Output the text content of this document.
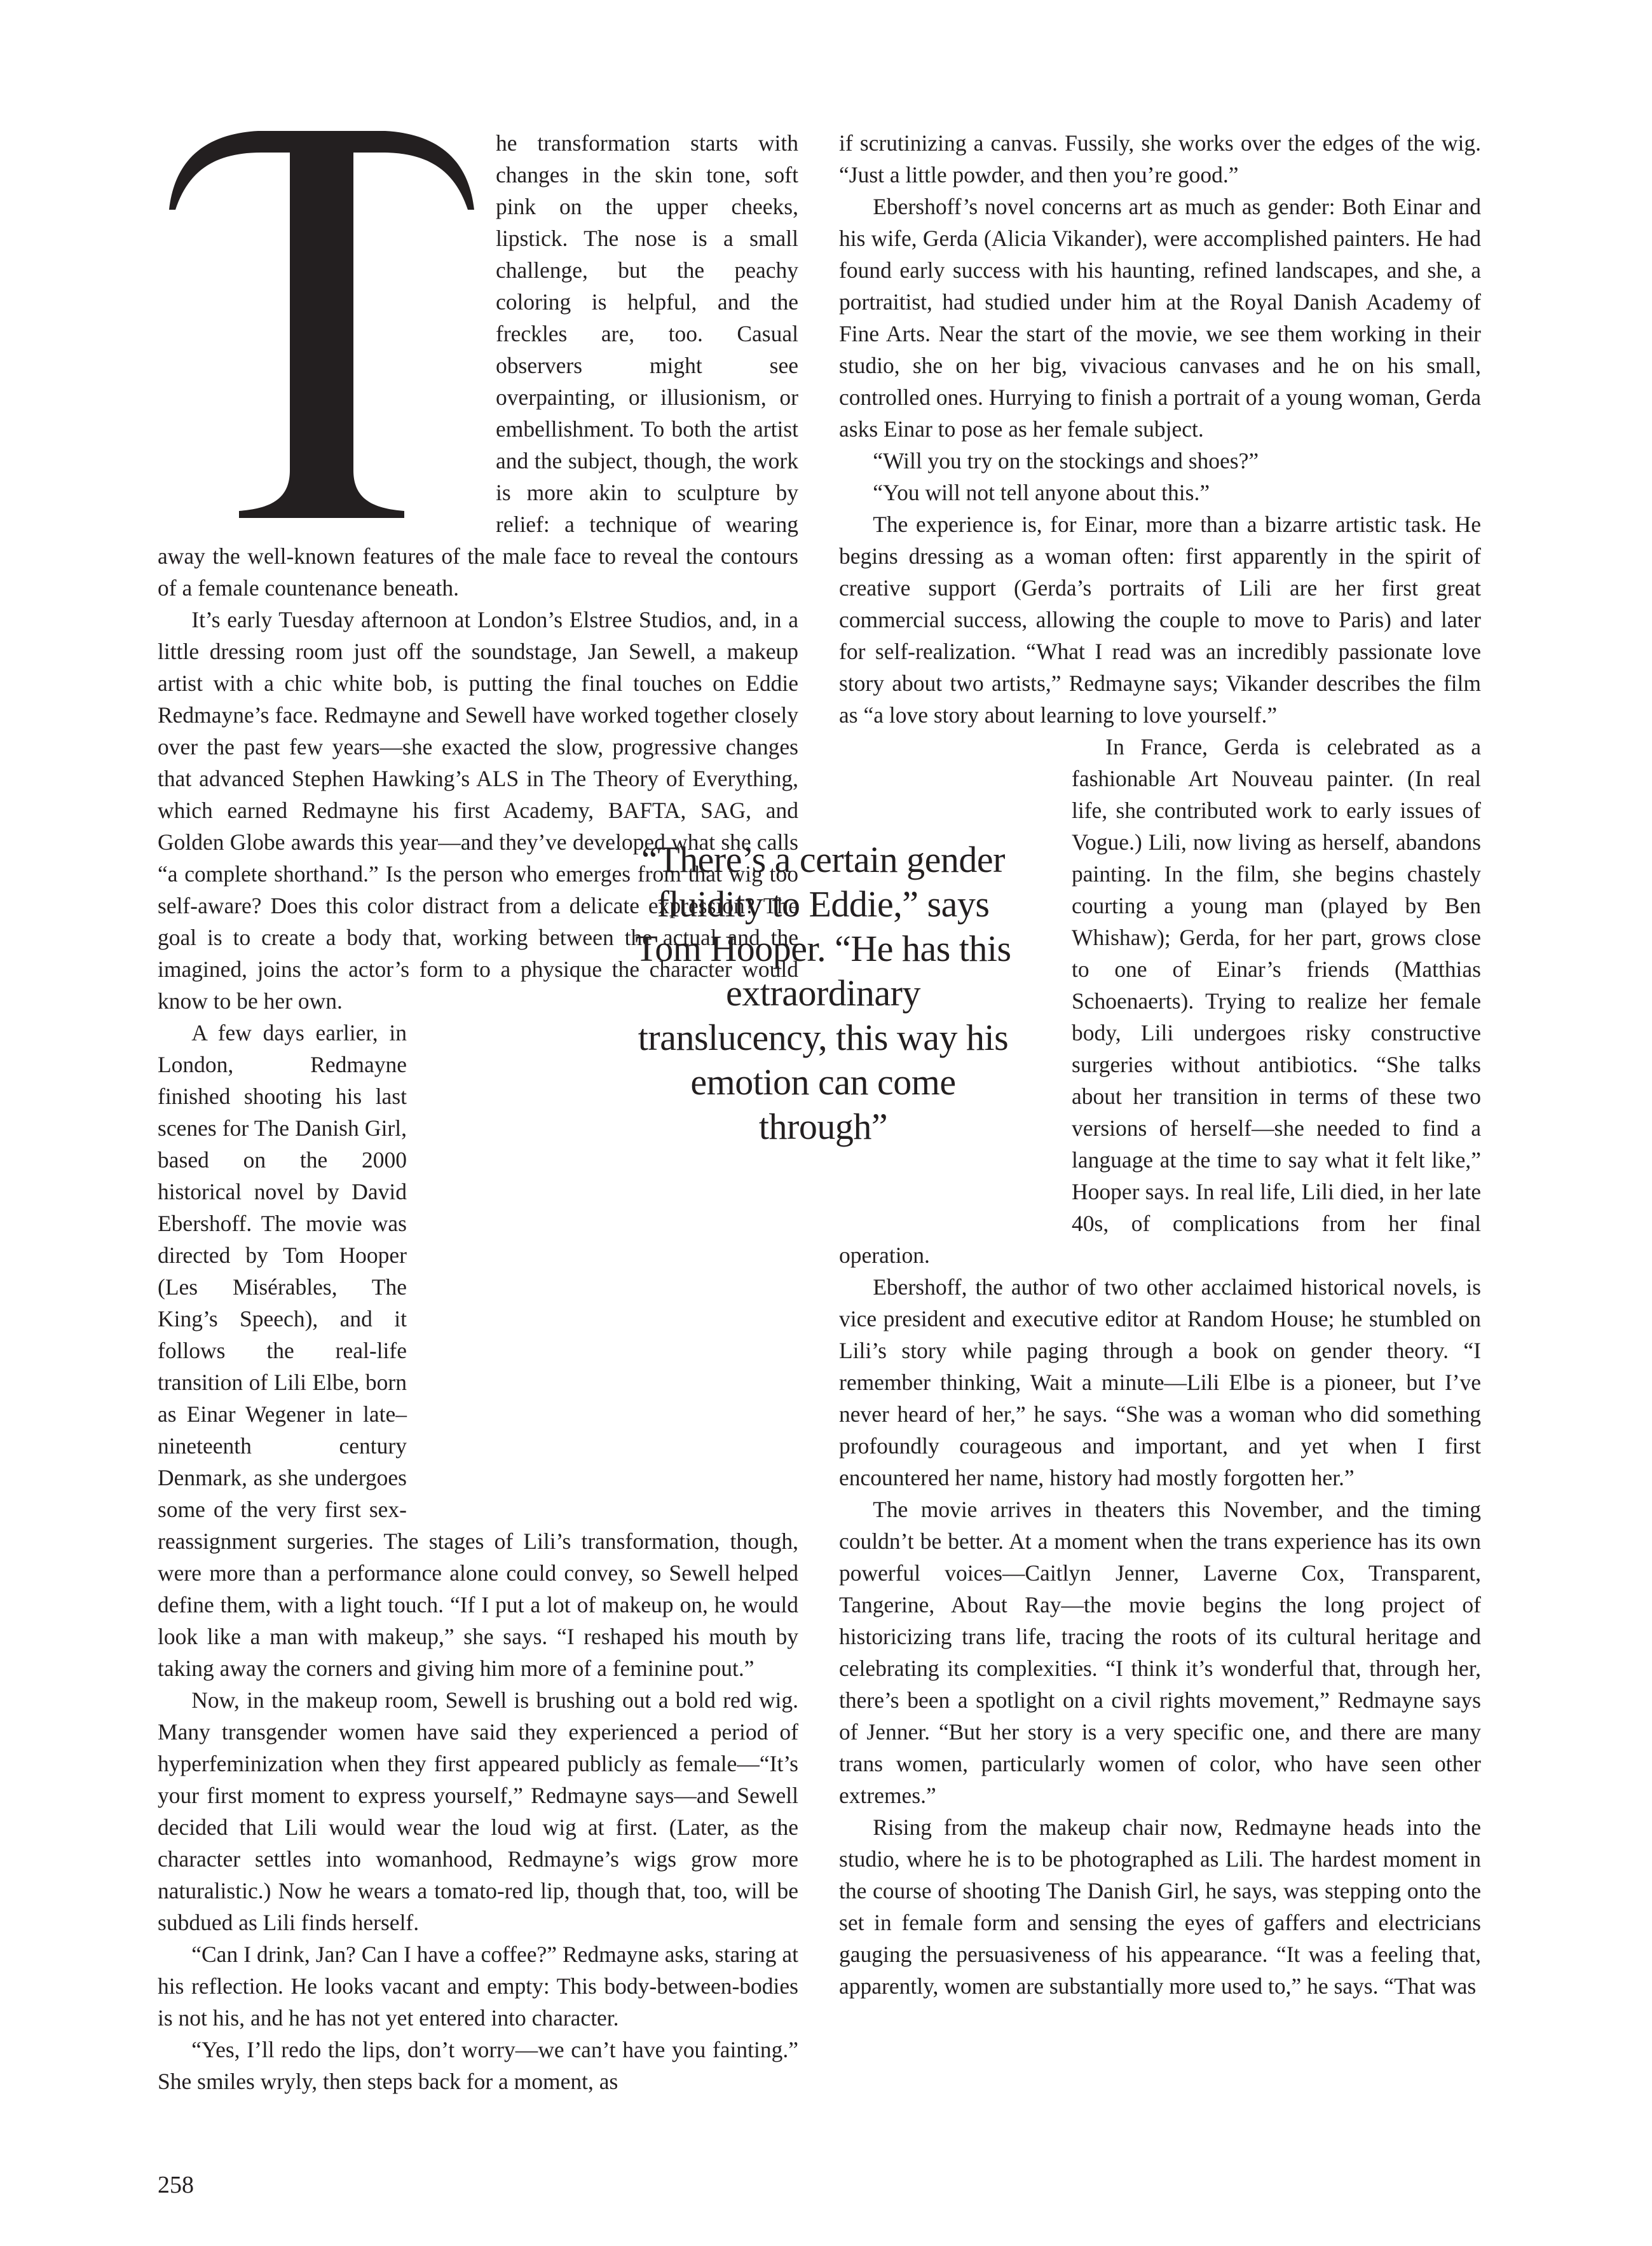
he transformation starts with changes in the skin tone, soft pink on the upper cheeks, lipstick. The nose is a small challenge, but the peachy coloring is helpful, and the freckles are, too. Casual observers might see overpainting, or illusionism, or embellishment. To both the artist and the subject, though, the work is more akin to sculpture by relief: a technique of wearing away the well-known features of the male face to reveal the contours of a female countenance beneath.

It’s early Tuesday afternoon at London’s Elstree Studios, and, in a little dressing room just off the soundstage, Jan Sewell, a makeup artist with a chic white bob, is putting the final touches on Eddie Redmayne’s face. Redmayne and Sewell have worked together closely over the past few years—she exacted the slow, progressive changes that advanced Stephen Hawking’s ALS in The Theory of Everything, which earned Redmayne his first Academy, BAFTA, SAG, and Golden Globe awards this year—and they’ve developed what she calls “a complete shorthand.” Is the person who emerges from that wig too self-aware? Does this color distract from a delicate expression? The goal is to create a body that, working between the actual and the imagined, joins the actor’s form to a physique the character would know to be her own.

A few days earlier, in London, Redmayne finished shooting his last scenes for The Danish Girl, based on the 2000 historical novel by David Ebershoff. The movie was directed by Tom Hooper (Les Misérables, The King’s Speech), and it follows the real-life transition of Lili Elbe, born as Einar Wegener in late–nineteenth century Denmark, as she undergoes some of the very first sex-reassignment surgeries. The stages of Lili’s transformation, though, were more than a performance alone could convey, so Sewell helped define them, with a light touch. “If I put a lot of makeup on, he would look like a man with makeup,” she says. “I reshaped his mouth by taking away the corners and giving him more of a feminine pout.”

Now, in the makeup room, Sewell is brushing out a bold red wig. Many transgender women have said they experienced a period of hyperfeminization when they first appeared publicly as female—“It’s your first moment to express yourself,” Redmayne says—and Sewell decided that Lili would wear the loud wig at first. (Later, as the character settles into womanhood, Redmayne’s wigs grow more naturalistic.) Now he wears a tomato-red lip, though that, too, will be subdued as Lili finds herself.

“Can I drink, Jan? Can I have a coffee?” Redmayne asks, staring at his reflection. He looks vacant and empty: This body-between-bodies is not his, and he has not yet entered into character.

“Yes, I’ll redo the lips, don’t worry—we can’t have you fainting.” She smiles wryly, then steps back for a moment, as

if scrutinizing a canvas. Fussily, she works over the edges of the wig. “Just a little powder, and then you’re good.”

Ebershoff’s novel concerns art as much as gender: Both Einar and his wife, Gerda (Alicia Vikander), were accomplished painters. He had found early success with his haunting, refined landscapes, and she, a portraitist, had studied under him at the Royal Danish Academy of Fine Arts. Near the start of the movie, we see them working in their studio, she on her big, vivacious canvases and he on his small, controlled ones. Hurrying to finish a portrait of a young woman, Gerda asks Einar to pose as her female subject.

“Will you try on the stockings and shoes?”

“You will not tell anyone about this.”

The experience is, for Einar, more than a bizarre artistic task. He begins dressing as a woman often: first apparently in the spirit of creative support (Gerda’s portraits of Lili are her first great commercial success, allowing the couple to move to Paris) and later for self-realization. “What I read was an incredibly passionate love story about two artists,” Redmayne says; Vikander describes the film as “a love story about learning to love yourself.”

In France, Gerda is celebrated as a fashionable Art Nouveau painter. (In real life, she contributed work to early issues of Vogue.) Lili, now living as herself, abandons painting. In the film, she begins chastely courting a young man (played by Ben Whishaw); Gerda, for her part, grows close to one of Einar’s friends (Matthias Schoenaerts). Trying to realize her female body, Lili undergoes risky constructive surgeries without antibiotics. “She talks about her transition in terms of these two versions of herself—she needed to find a language at the time to say what it felt like,” Hooper says. In real life, Lili died, in her late 40s, of complications from her final operation.

Ebershoff, the author of two other acclaimed historical novels, is vice president and executive editor at Random House; he stumbled on Lili’s story while paging through a book on gender theory. “I remember thinking, Wait a minute—Lili Elbe is a pioneer, but I’ve never heard of her,” he says. “She was a woman who did something profoundly courageous and important, and yet when I first encountered her name, history had mostly forgotten her.”

The movie arrives in theaters this November, and the timing couldn’t be better. At a moment when the trans experience has its own powerful voices—Caitlyn Jenner, Laverne Cox, Transparent, Tangerine, About Ray—the movie begins the long project of historicizing trans life, tracing the roots of its cultural heritage and celebrating its complexities. “I think it’s wonderful that, through her, there’s been a spotlight on a civil rights movement,” Redmayne says of Jenner. “But her story is a very specific one, and there are many trans women, particularly women of color, who have seen other extremes.”

Rising from the makeup chair now, Redmayne heads into the studio, where he is to be photographed as Lili. The hardest moment in the course of shooting The Danish Girl, he says, was stepping onto the set in female form and sensing the eyes of gaffers and electricians gauging the persuasiveness of his appearance. “It was a feeling that, apparently, women are substantially more used to,” he says. “That was

“There’s a certain gender fluidity to Eddie,” says Tom Hooper. “He has this extraordinary translucency, this way his emotion can come through”
258
